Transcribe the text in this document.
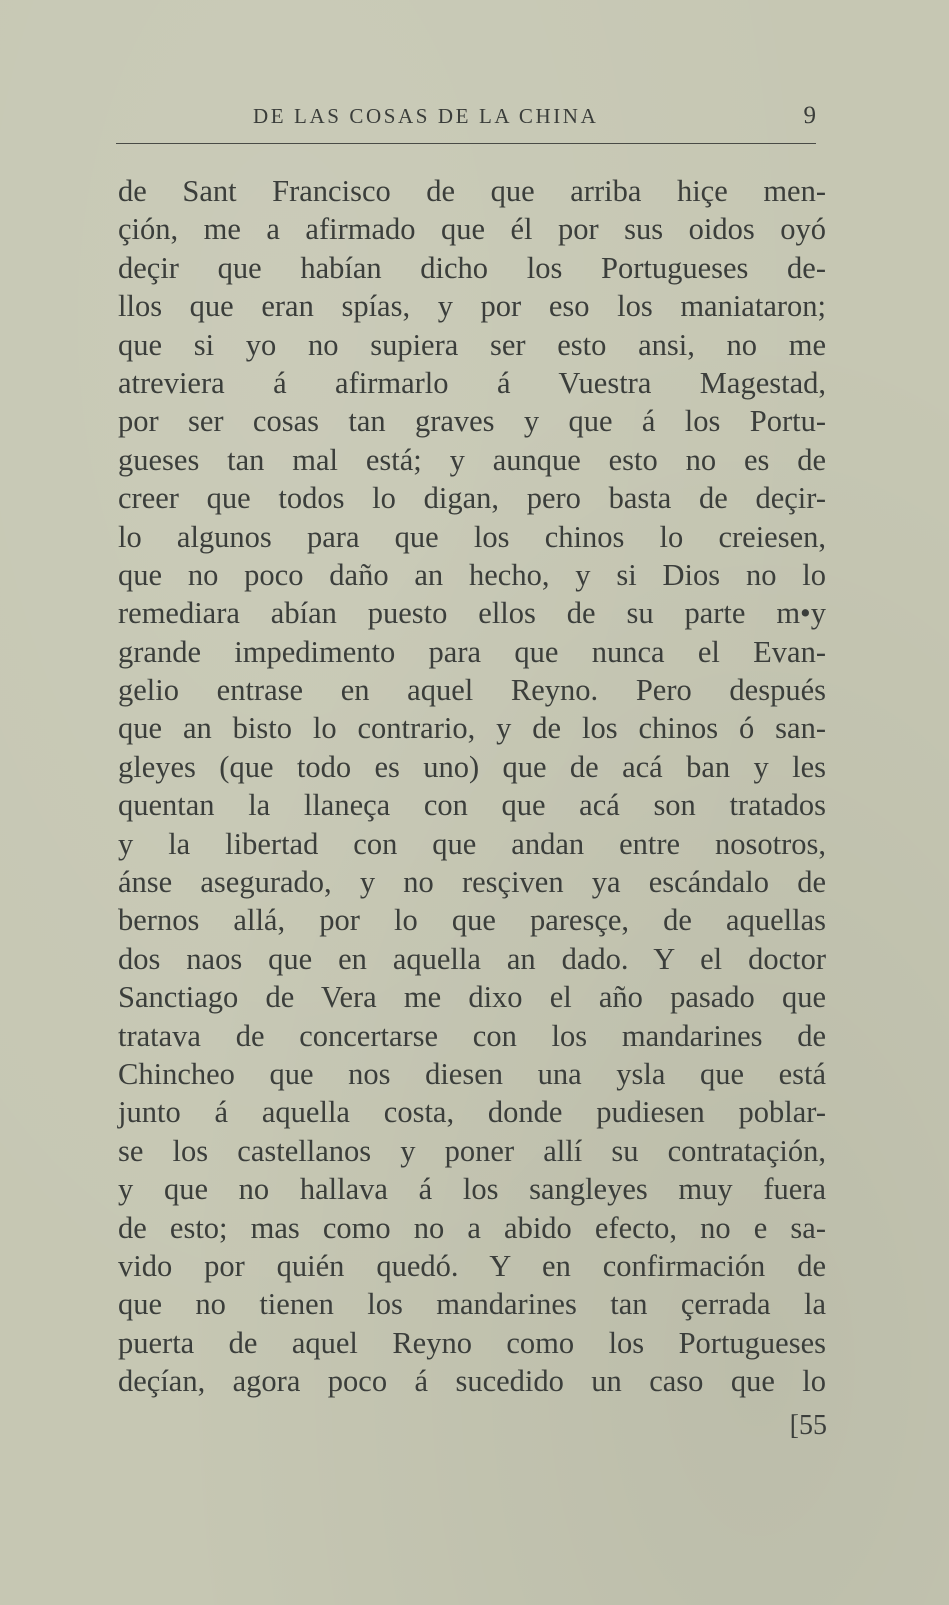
DE LAS COSAS DE LA CHINA	9
de Sant Francisco de que arriba hiçe men-
çión, me a afirmado que él por sus oidos oyó
deçir que habían dicho los Portugueses de-
llos que eran spías, y por eso los maniataron;
que si yo no supiera ser esto ansi, no me
atreviera á afirmarlo á Vuestra Magestad,
por ser cosas tan graves y que á los Portu-
gueses tan mal está; y aunque esto no es de
creer que todos lo digan, pero basta de deçir-
lo algunos para que los chinos lo creiesen,
que no poco daño an hecho, y si Dios no lo
remediara abían puesto ellos de su parte m•y
grande impedimento para que nunca el Evan-
gelio entrase en aquel Reyno. Pero después
que an bisto lo contrario, y de los chinos ó san-
gleyes (que todo es uno) que de acá ban y les
quentan la llaneça con que acá son tratados
y la libertad con que andan entre nosotros,
ánse asegurado, y no resçiven ya escándalo de
bernos allá, por lo que paresçe, de aquellas
dos naos que en aquella an dado. Y el doctor
Sanctiago de Vera me dixo el año pasado que
tratava de concertarse con los mandarines de
Chincheo que nos diesen una ysla que está
junto á aquella costa, donde pudiesen poblar-
se los castellanos y poner allí su contrataçión,
y que no hallava á los sangleyes muy fuera
de esto; mas como no a abido efecto, no e sa-
vido por quién quedó. Y en confirmación de
que no tienen los mandarines tan çerrada la
puerta de aquel Reyno como los Portugueses
deçían, agora poco á sucedido un caso que lo
[55
